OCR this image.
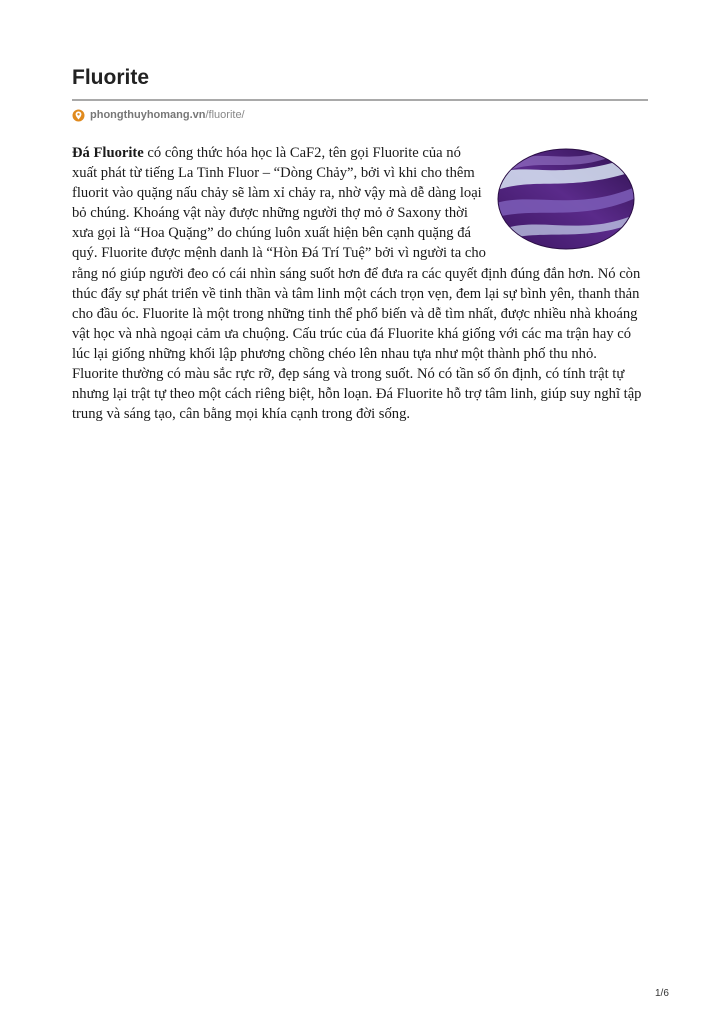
Fluorite
phongthuyhomang.vn /fluorite/
Đá Fluorite có công thức hóa học là CaF2, tên gọi Fluorite của nó xuất phát từ tiếng La Tinh Fluor – “Dòng Chảy”, bởi vì khi cho thêm fluorit vào quặng nấu chảy sẽ làm xỉ chảy ra, nhờ vậy mà dễ dàng loại bỏ chúng. Khoáng vật này được những người thợ mỏ ở Saxony thời xưa gọi là “Hoa Quặng” do chúng luôn xuất hiện bên cạnh quặng đá quý. Fluorite được mệnh danh là “Hòn Đá Trí Tuệ” bởi vì người ta cho rằng nó giúp người đeo có cái nhìn sáng suốt hơn để đưa ra các quyết định đúng đắn hơn. Nó còn thúc đẩy sự phát triển về tinh thần và tâm linh một cách trọn vẹn, đem lại sự bình yên, thanh thản cho đầu óc. Fluorite là một trong những tinh thể phổ biến và dễ tìm nhất, được nhiều nhà khoáng vật học và nhà ngoại cảm ưa chuộng. Cấu trúc của đá Fluorite khá giống với các ma trận hay có lúc lại giống những khối lập phương chồng chéo lên nhau tựa như một thành phố thu nhỏ. Fluorite thường có màu sắc rực rỡ, đẹp sáng và trong suốt. Nó có tần số ổn định, có tính trật tự nhưng lại trật tự theo một cách riêng biệt, hỗn loạn. Đá Fluorite hỗ trợ tâm linh, giúp suy nghĩ tập trung và sáng tạo, cân bằng mọi khía cạnh trong đời sống.
1/6
